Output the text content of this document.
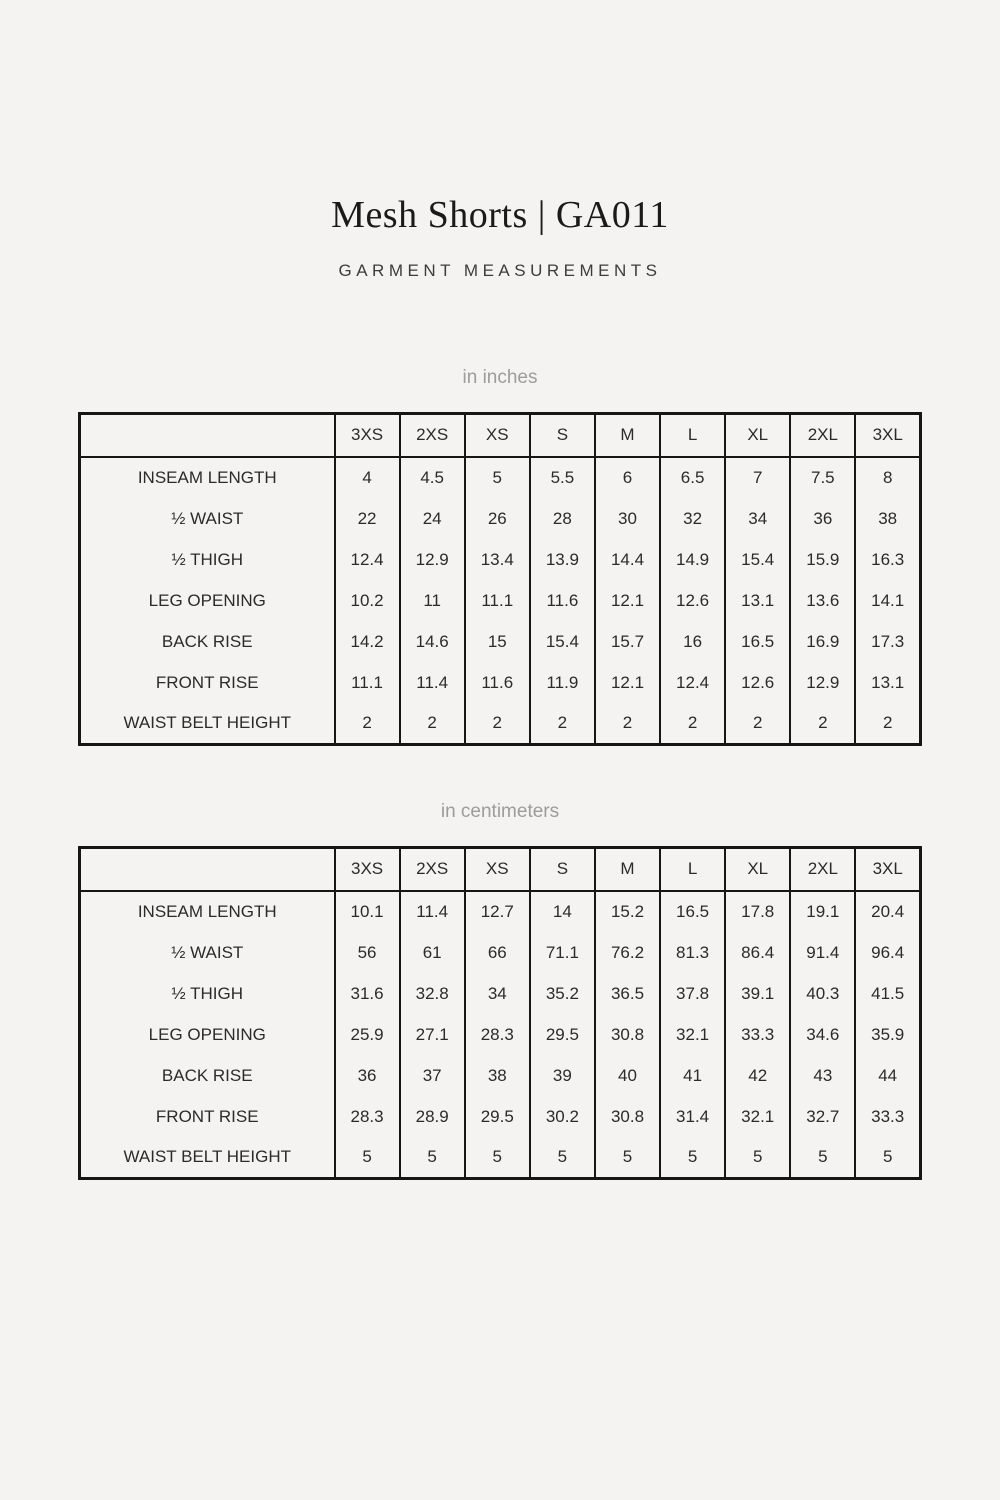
Mesh Shorts | GA011
GARMENT MEASUREMENTS
in inches
	3XS	2XS	XS	S	M	L	XL	2XL	3XL
INSEAM LENGTH	4	4.5	5	5.5	6	6.5	7	7.5	8
½ WAIST	22	24	26	28	30	32	34	36	38
½ THIGH	12.4	12.9	13.4	13.9	14.4	14.9	15.4	15.9	16.3
LEG OPENING	10.2	11	11.1	11.6	12.1	12.6	13.1	13.6	14.1
BACK RISE	14.2	14.6	15	15.4	15.7	16	16.5	16.9	17.3
FRONT RISE	11.1	11.4	11.6	11.9	12.1	12.4	12.6	12.9	13.1
WAIST BELT HEIGHT	2	2	2	2	2	2	2	2	2
in centimeters
	3XS	2XS	XS	S	M	L	XL	2XL	3XL
INSEAM LENGTH	10.1	11.4	12.7	14	15.2	16.5	17.8	19.1	20.4
½ WAIST	56	61	66	71.1	76.2	81.3	86.4	91.4	96.4
½ THIGH	31.6	32.8	34	35.2	36.5	37.8	39.1	40.3	41.5
LEG OPENING	25.9	27.1	28.3	29.5	30.8	32.1	33.3	34.6	35.9
BACK RISE	36	37	38	39	40	41	42	43	44
FRONT RISE	28.3	28.9	29.5	30.2	30.8	31.4	32.1	32.7	33.3
WAIST BELT HEIGHT	5	5	5	5	5	5	5	5	5
